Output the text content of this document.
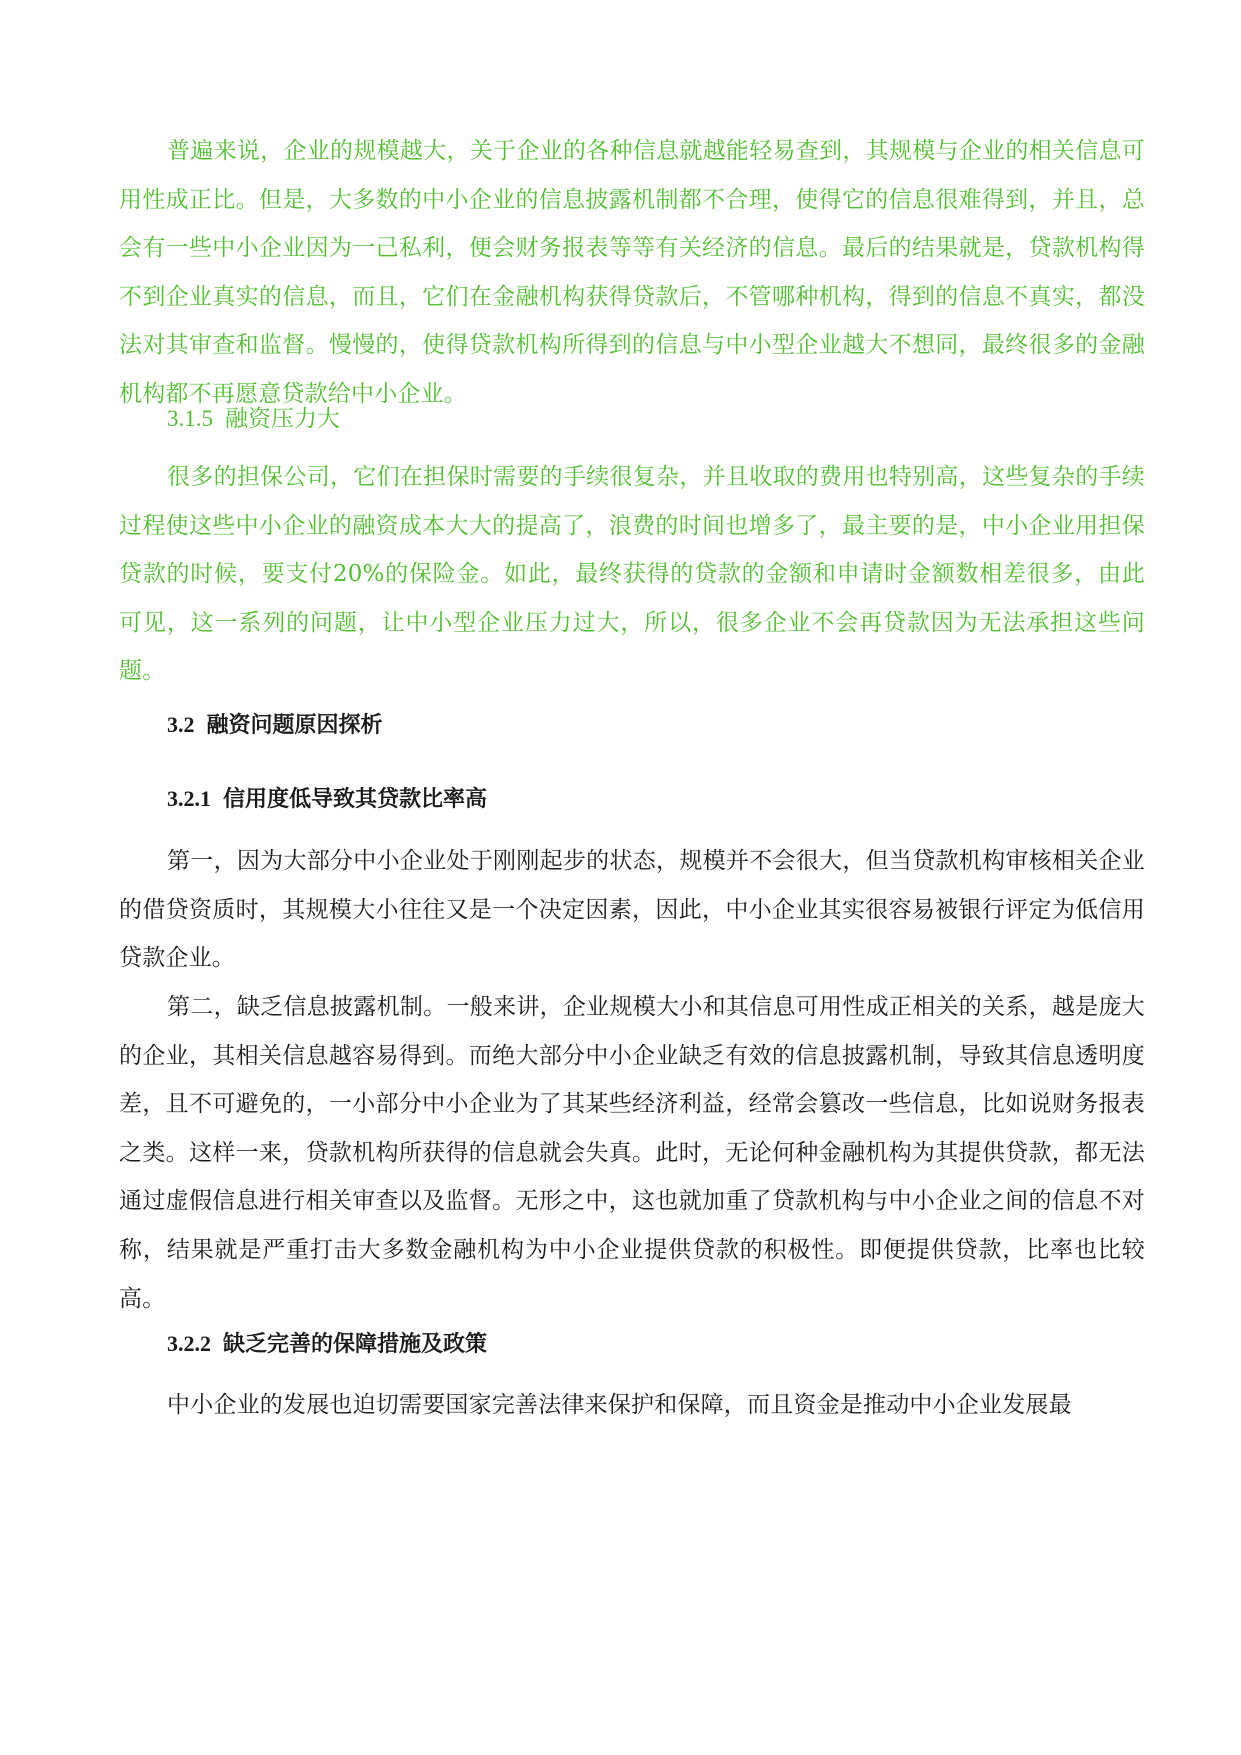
普遍来说，企业的规模越大，关于企业的各种信息就越能轻易查到，其规模与企业的相关信息可用性成正比。但是，大多数的中小企业的信息披露机制都不合理，使得它的信息很难得到，并且，总会有一些中小企业因为一己私利，便会财务报表等等有关经济的信息。最后的结果就是，贷款机构得不到企业真实的信息，而且，它们在金融机构获得贷款后，不管哪种机构，得到的信息不真实，都没法对其审查和监督。慢慢的，使得贷款机构所得到的信息与中小型企业越大不想同，最终很多的金融机构都不再愿意贷款给中小企业。

3.1.5 融资压力大

很多的担保公司，它们在担保时需要的手续很复杂，并且收取的费用也特别高，这些复杂的手续过程使这些中小企业的融资成本大大的提高了，浪费的时间也增多了，最主要的是，中小企业用担保贷款的时候，要支付20%的保险金。如此，最终获得的贷款的金额和申请时金额数相差很多，由此可见，这一系列的问题，让中小型企业压力过大，所以，很多企业不会再贷款因为无法承担这些问题。

3.2 融资问题原因探析
3.2.1 信用度低导致其贷款比率高

第一，因为大部分中小企业处于刚刚起步的状态，规模并不会很大，但当贷款机构审核相关企业的借贷资质时，其规模大小往往又是一个决定因素，因此，中小企业其实很容易被银行评定为低信用贷款企业。

第二，缺乏信息披露机制。一般来讲，企业规模大小和其信息可用性成正相关的关系，越是庞大的企业，其相关信息越容易得到。而绝大部分中小企业缺乏有效的信息披露机制，导致其信息透明度差，且不可避免的，一小部分中小企业为了其某些经济利益，经常会篡改一些信息，比如说财务报表之类。这样一来，贷款机构所获得的信息就会失真。此时，无论何种金融机构为其提供贷款，都无法通过虚假信息进行相关审查以及监督。无形之中，这也就加重了贷款机构与中小企业之间的信息不对称，结果就是严重打击大多数金融机构为中小企业提供贷款的积极性。即便提供贷款，比率也比较高。

3.2.2 缺乏完善的保障措施及政策

中小企业的发展也迫切需要国家完善法律来保护和保障，而且资金是推动中小企业发展最
